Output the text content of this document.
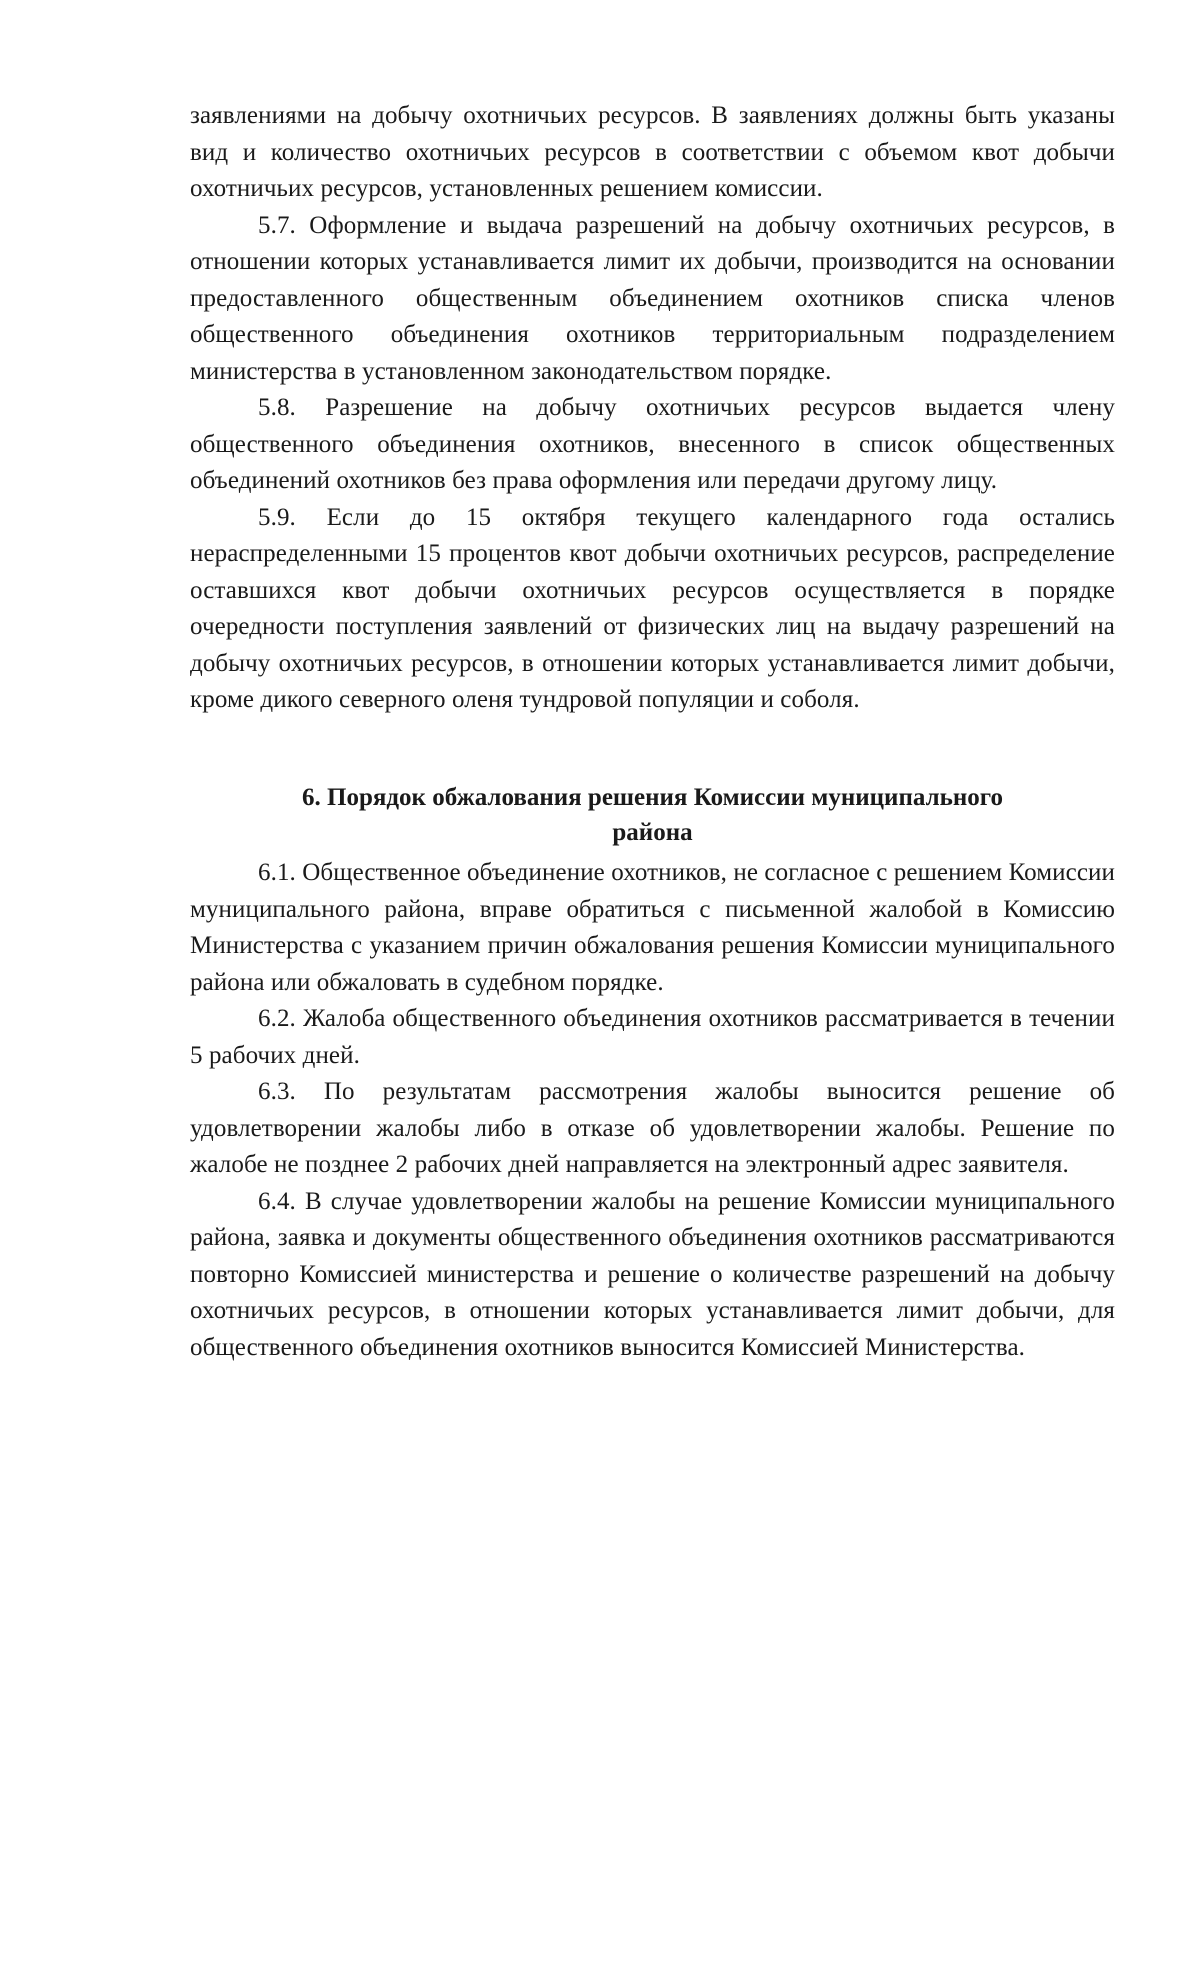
заявлениями на добычу охотничьих ресурсов. В заявлениях должны быть указаны вид и количество охотничьих ресурсов в соответствии с объемом квот добычи охотничьих ресурсов, установленных решением комиссии.

5.7. Оформление и выдача разрешений на добычу охотничьих ресурсов, в отношении которых устанавливается лимит их добычи, производится на основании предоставленного общественным объединением охотников списка членов общественного объединения охотников территориальным подразделением министерства в установленном законодательством порядке.

5.8. Разрешение на добычу охотничьих ресурсов выдается члену общественного объединения охотников, внесенного в список общественных объединений охотников без права оформления или передачи другому лицу.

5.9. Если до 15 октября текущего календарного года остались нераспределенными 15 процентов квот добычи охотничьих ресурсов, распределение оставшихся квот добычи охотничьих ресурсов осуществляется в порядке очередности поступления заявлений от физических лиц на выдачу разрешений на добычу охотничьих ресурсов, в отношении которых устанавливается лимит добычи, кроме дикого северного оленя тундровой популяции и соболя.

6. Порядок обжалования решения Комиссии муниципального
района

6.1. Общественное объединение охотников, не согласное с решением Комиссии муниципального района, вправе обратиться с письменной жалобой в Комиссию Министерства с указанием причин обжалования решения Комиссии муниципального района или обжаловать в судебном порядке.

6.2. Жалоба общественного объединения охотников рассматривается в течении 5 рабочих дней.

6.3. По результатам рассмотрения жалобы выносится решение об удовлетворении жалобы либо в отказе об удовлетворении жалобы. Решение по жалобе не позднее 2 рабочих дней направляется на электронный адрес заявителя.

6.4. В случае удовлетворении жалобы на решение Комиссии муниципального района, заявка и документы общественного объединения охотников рассматриваются повторно Комиссией министерства и решение о количестве разрешений на добычу охотничьих ресурсов, в отношении которых устанавливается лимит добычи, для общественного объединения охотников выносится Комиссией Министерства.
